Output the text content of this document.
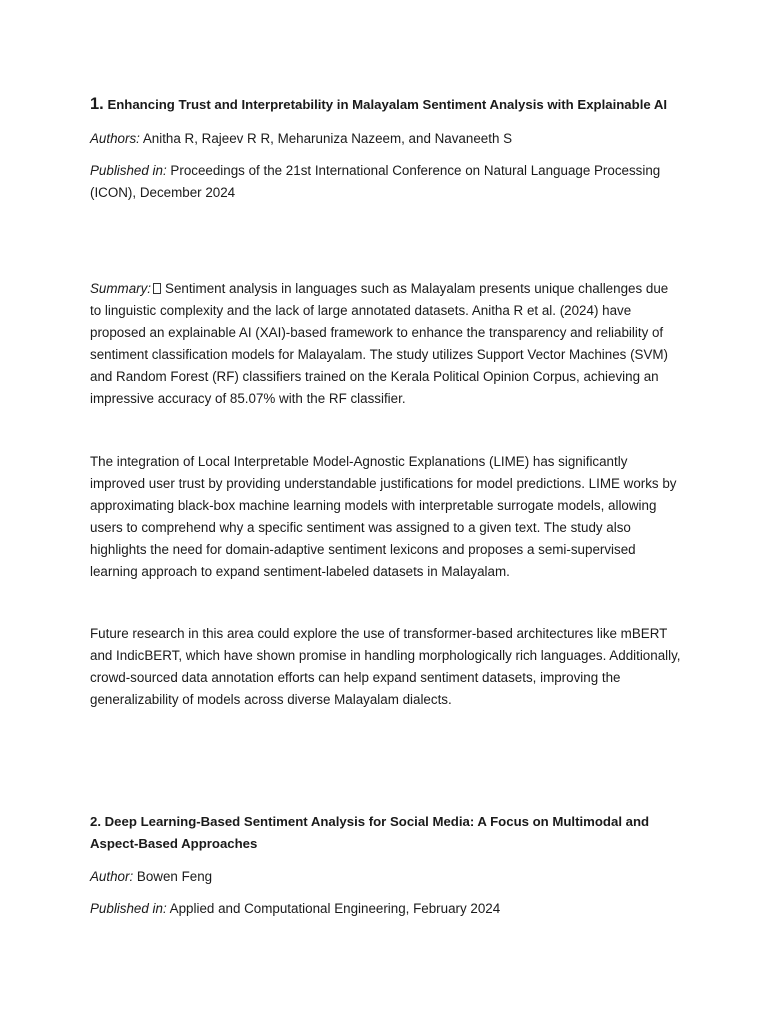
1. Enhancing Trust and Interpretability in Malayalam Sentiment Analysis with Explainable AI

Authors: Anitha R, Rajeev R R, Meharuniza Nazeem, and Navaneeth S

Published in: Proceedings of the 21st International Conference on Natural Language Processing (ICON), December 2024

Summary: Sentiment analysis in languages such as Malayalam presents unique challenges due to linguistic complexity and the lack of large annotated datasets. Anitha R et al. (2024) have proposed an explainable AI (XAI)-based framework to enhance the transparency and reliability of sentiment classification models for Malayalam. The study utilizes Support Vector Machines (SVM) and Random Forest (RF) classifiers trained on the Kerala Political Opinion Corpus, achieving an impressive accuracy of 85.07% with the RF classifier.

The integration of Local Interpretable Model-Agnostic Explanations (LIME) has significantly improved user trust by providing understandable justifications for model predictions. LIME works by approximating black-box machine learning models with interpretable surrogate models, allowing users to comprehend why a specific sentiment was assigned to a given text. The study also highlights the need for domain-adaptive sentiment lexicons and proposes a semi-supervised learning approach to expand sentiment-labeled datasets in Malayalam.

Future research in this area could explore the use of transformer-based architectures like mBERT and IndicBERT, which have shown promise in handling morphologically rich languages. Additionally, crowd-sourced data annotation efforts can help expand sentiment datasets, improving the generalizability of models across diverse Malayalam dialects.

2. Deep Learning-Based Sentiment Analysis for Social Media: A Focus on Multimodal and Aspect-Based Approaches

Author: Bowen Feng

Published in: Applied and Computational Engineering, February 2024
